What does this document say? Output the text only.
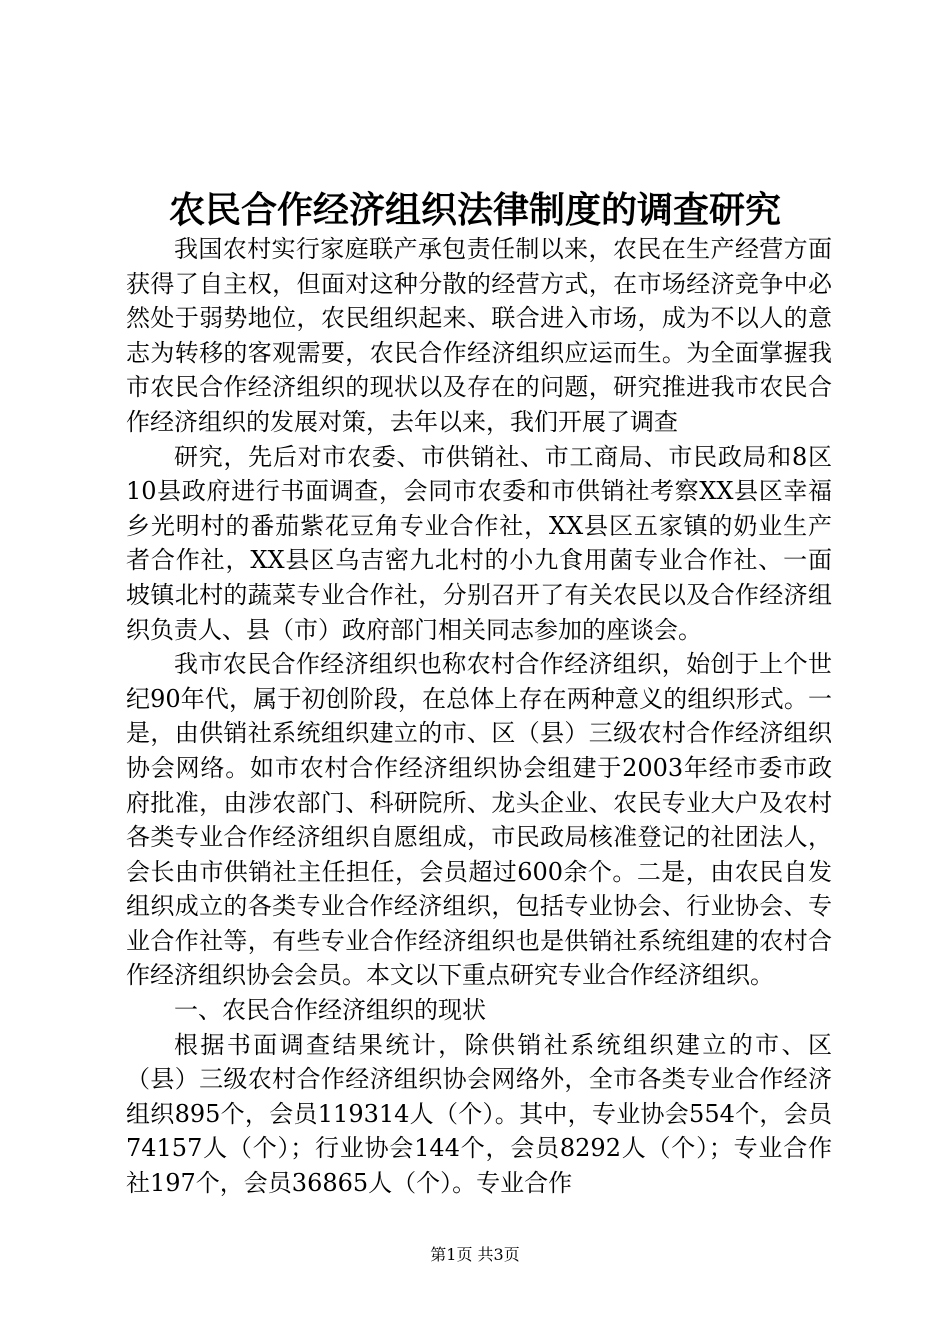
农民合作经济组织法律制度的调查研究

我国农村实行家庭联产承包责任制以来，农民在生产经营方面获得了自主权，但面对这种分散的经营方式，在市场经济竞争中必然处于弱势地位，农民组织起来、联合进入市场，成为不以人的意志为转移的客观需要，农民合作经济组织应运而生。为全面掌握我市农民合作经济组织的现状以及存在的问题，研究推进我市农民合作经济组织的发展对策，去年以来，我们开展了调查

研究，先后对市农委、市供销社、市工商局、市民政局和8区10县政府进行书面调查，会同市农委和市供销社考察XX县区幸福乡光明村的番茄紫花豆角专业合作社，XX县区五家镇的奶业生产者合作社，XX县区乌吉密九北村的小九食用菌专业合作社、一面坡镇北村的蔬菜专业合作社，分别召开了有关农民以及合作经济组织负责人、县（市）政府部门相关同志参加的座谈会。

我市农民合作经济组织也称农村合作经济组织，始创于上个世纪90年代，属于初创阶段，在总体上存在两种意义的组织形式。一是，由供销社系统组织建立的市、区（县）三级农村合作经济组织协会网络。如市农村合作经济组织协会组建于2003年经市委市政府批准，由涉农部门、科研院所、龙头企业、农民专业大户及农村各类专业合作经济组织自愿组成，市民政局核准登记的社团法人，会长由市供销社主任担任，会员超过600余个。二是，由农民自发组织成立的各类专业合作经济组织，包括专业协会、行业协会、专业合作社等，有些专业合作经济组织也是供销社系统组建的农村合作经济组织协会会员。本文以下重点研究专业合作经济组织。

一、农民合作经济组织的现状

根据书面调查结果统计，除供销社系统组织建立的市、区（县）三级农村合作经济组织协会网络外，全市各类专业合作经济组织895个，会员119314人（个）。其中，专业协会554个，会员74157人（个）；行业协会144个，会员8292人（个）；专业合作社197个，会员36865人（个）。专业合作

第1页 共3页
